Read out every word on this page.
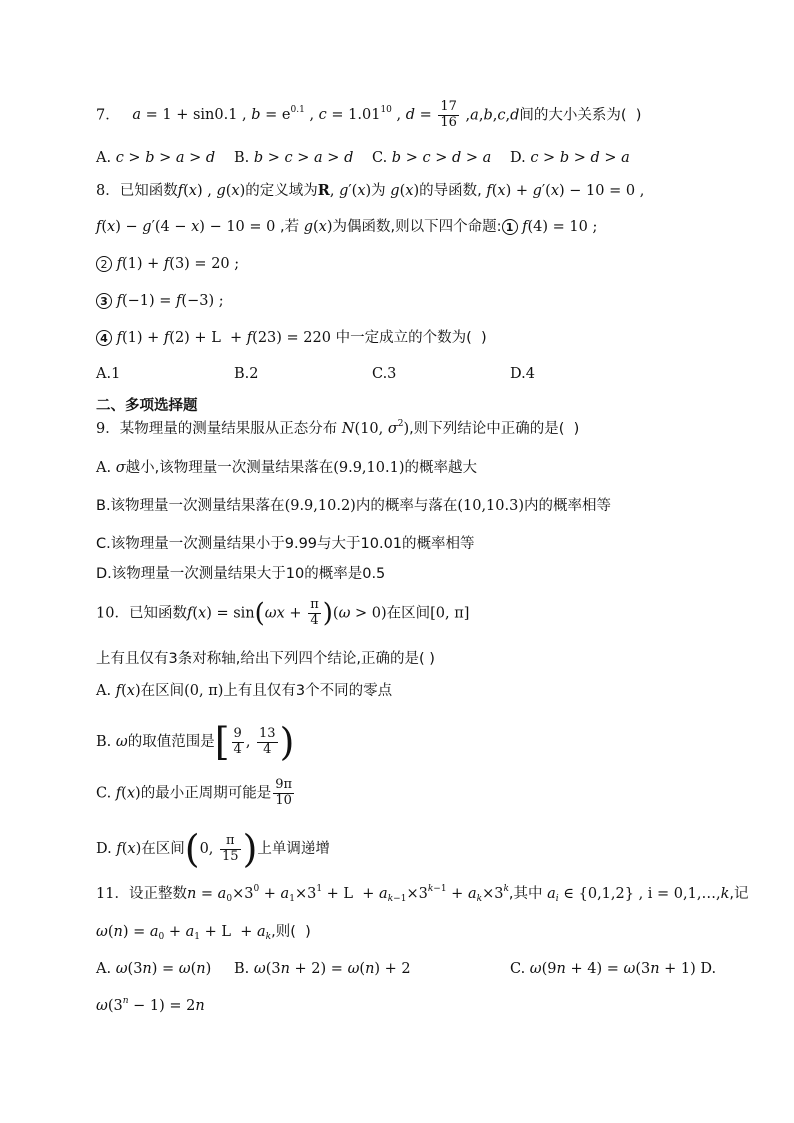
7． a = 1 + sin0.1 , $b = e^{0.1}$ , $c = 1.01^{10}$ , $d = \frac{17}{16} ,a,b,c,d$间的大小关系为(  )
A. c > b > a > d B. b > c > a > d C. b > c > d > a D. c > b > d > a
8．已知函数f(x) , g(x)的定义域为R, g′(x)为 g(x)的导函数, f(x) + g′(x) − 10 = 0 ,
f(x) − g′(4 − x) − 10 = 0 ,若 g(x)为偶函数,则以下四个命题: 1 f(4) = 10 ;
2 f(1) + f(3) = 20 ;
3 f(−1) = f(−3) ;
4 f(1) + f(2) + L  + f(23) = 220 中一定成立的个数为(  )
A.1	B.2	C.3	D.4
二、多项选择题
9．某物理量的测量结果服从正态分布 N(10, $\sigma^2$),则下列结论中正确的是(  )
A. σ越小,该物理量一次测量结果落在(9.9,10.1)的概率越大
B.该物理量一次测量结果落在(9.9,10.2)内的概率与落在(10,10.3)内的概率相等
C.该物理量一次测量结果小于9.99与大于10.01的概率相等
D.该物理量一次测量结果大于10的概率是0.5
10．已知函数$f(x) = \sin(\omega x + \frac{\pi}{4} )(\omega > 0)$在区间[0, π]
上有且仅有3条对称轴,给出下列四个结论,正确的是( )
A. f(x)在区间(0, π)上有且仅有3个不同的零点
B. ω的取值范围是[ $\frac{9}{4}$ , $\frac{13}{4}$ )
C. f(x)的最小正周期可能是 $\frac{9\pi}{10}$
D. f(x)在区间(0, $\frac{\pi}{15}$ )上单调递增
11．设正整数$n = a_0\times 3^0 + a_1\times 3^1 + L + a_{k-1}\times 3^{k-1} + a_k\times 3^k$,其中 $a_i$ ∈ {0,1,2} , i = 0,1,…,k,记
$\omega(n) = a_0 + a_1 + L + a_k$,则(  )
A. ω(3n) = ω(n) B. ω(3n + 2) = ω(n) + 2	C. ω(9n + 4) = ω(3n + 1) D.
$\omega(3^n - 1) = 2n$
